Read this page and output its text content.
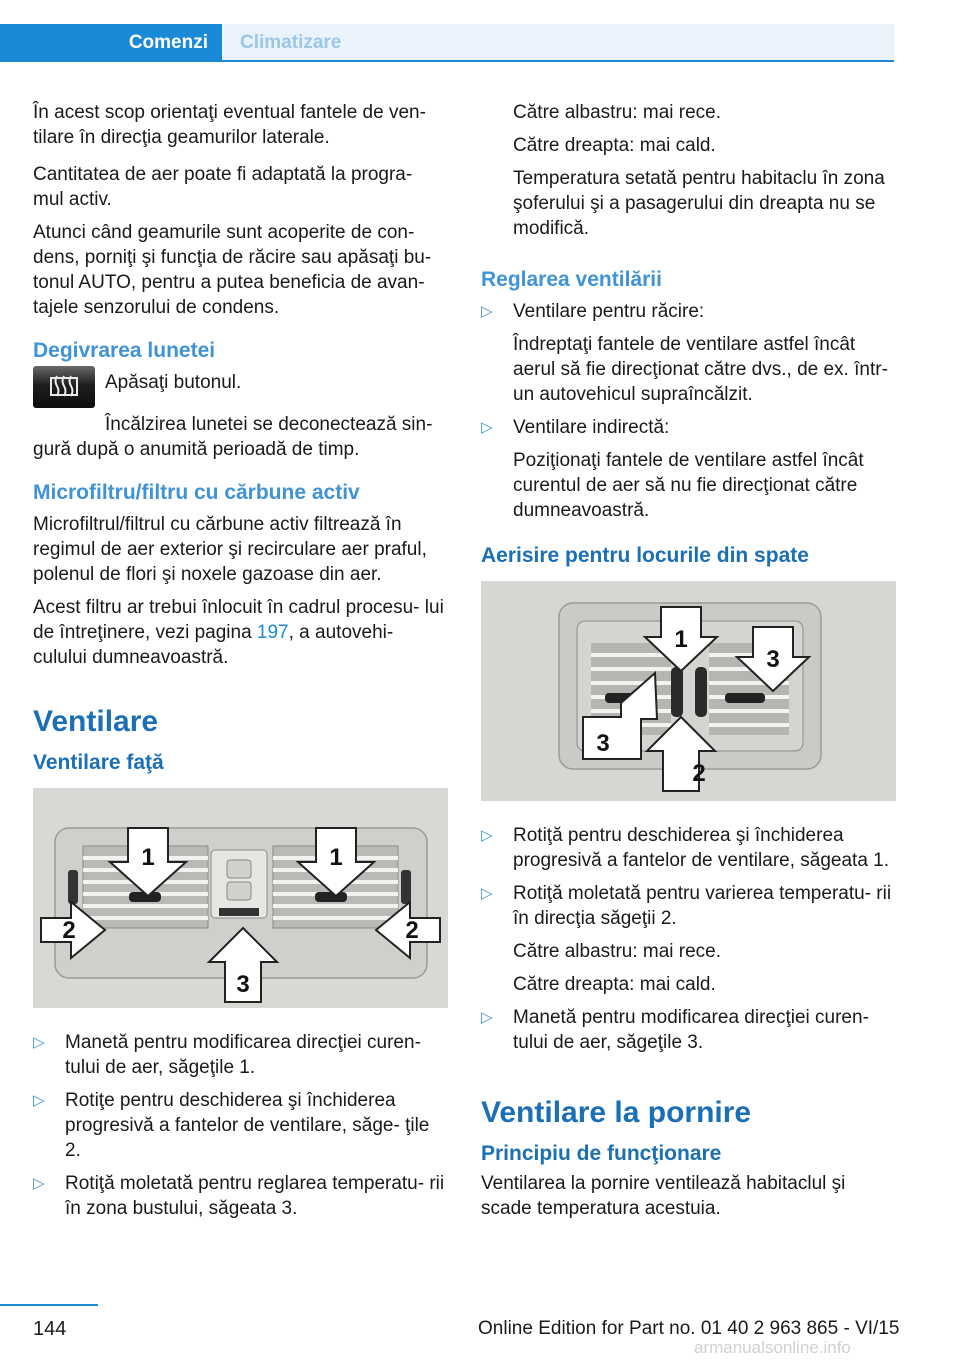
Comenzi	Climatizare

În acest scop orientaţi eventual fantele de ven‐ tilare în direcţia geamurilor laterale.

Cantitatea de aer poate fi adaptată la progra‐ mul activ.

Atunci când geamurile sunt acoperite de con‐ dens, porniţi şi funcţia de răcire sau apăsaţi bu‐ tonul AUTO, pentru a putea beneficia de avan‐ tajele senzorului de condens.

Degivrarea lunetei
Apăsaţi butonul.

Încălzirea lunetei se deconectează sin‐ gură după o anumită perioadă de timp.

Microfiltru/filtru cu cărbune activ

Microfiltrul/filtrul cu cărbune activ filtrează în regimul de aer exterior şi recirculare aer praful, polenul de flori şi noxele gazoase din aer.

Acest filtru ar trebui înlocuit în cadrul procesu‐ lui de întreţinere, vezi pagina 197, a autovehi‐ culului dumneavoastră.

Ventilare
Ventilare faţă
1	1
2	2
3
▷	Manetă pentru modificarea direcţiei curen‐ tului de aer, săgeţile 1.
▷	Rotiţe pentru deschiderea şi închiderea progresivă a fantelor de ventilare, săge‐ ţile 2.
▷	Rotiţă moletată pentru reglarea temperatu‐ rii în zona bustului, săgeata 3.

Către albastru: mai rece.

Către dreapta: mai cald.

Temperatura setată pentru habitaclu în zona şoferului şi a pasagerului din dreapta nu se modifică.

Reglarea ventilării
▷	Ventilare pentru răcire:
Îndreptaţi fantele de ventilare astfel încât aerul să fie direcţionat către dvs., de ex. într-un autovehicul supraîncălzit.
▷	Ventilare indirectă:
Poziţionaţi fantele de ventilare astfel încât curentul de aer să nu fie direcţionat către dumneavoastră.
Aerisire pentru locurile din spate
1
2
3
3
▷	Rotiţă pentru deschiderea şi închiderea progresivă a fantelor de ventilare, săgeata 1.
▷	Rotiţă moletată pentru varierea temperatu‐ rii în direcţia săgeţii 2.
Către albastru: mai rece.
Către dreapta: mai cald.
▷	Manetă pentru modificarea direcţiei curen‐ tului de aer, săgeţile 3.
Ventilare la pornire
Principiu de funcţionare

Ventilarea la pornire ventilează habitaclul şi scade temperatura acestuia.

144	Online Edition for Part no. 01 40 2 963 865 - VI/15
armanualsonline.info
